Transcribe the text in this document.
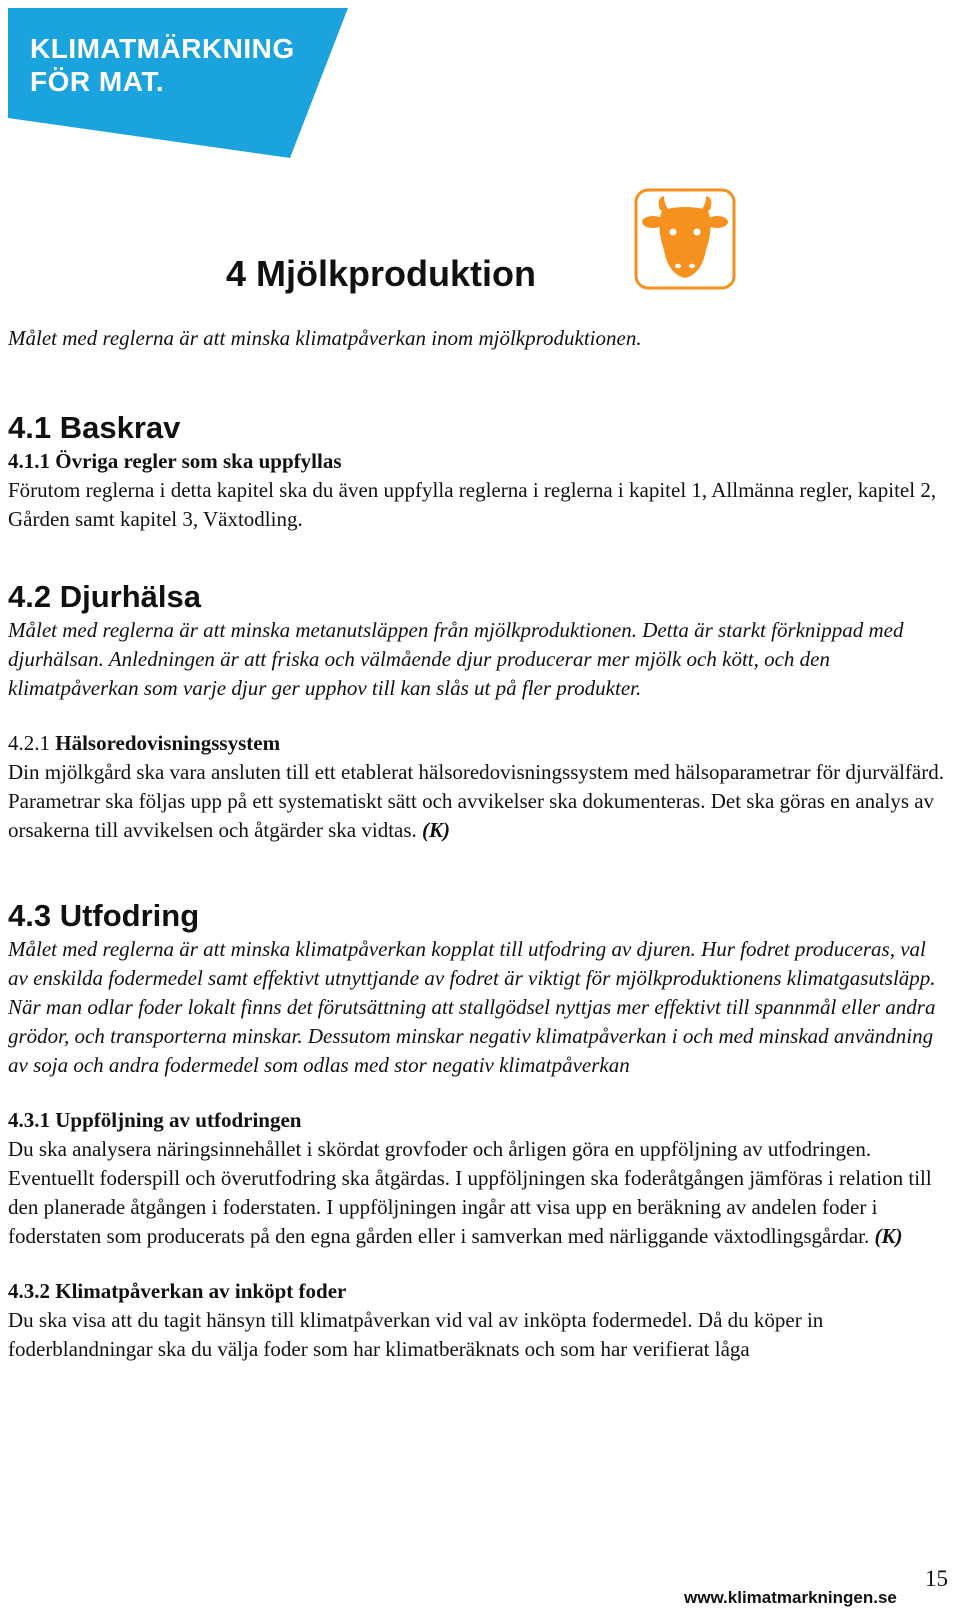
KLIMATMÄRKNING
FÖR MAT.
4 Mjölkproduktion

Målet med reglerna är att minska klimatpåverkan inom mjölkproduktionen.

4.1 Baskrav
4.1.1 Övriga regler som ska uppfyllas

Förutom reglerna i detta kapitel ska du även uppfylla reglerna i reglerna i kapitel 1, Allmänna regler, kapitel 2, Gården samt kapitel 3, Växtodling.

4.2 Djurhälsa

Målet med reglerna är att minska metanutsläppen från mjölkproduktionen. Detta är starkt förknippad med djurhälsan. Anledningen är att friska och välmående djur producerar mer mjölk och kött, och den klimatpåverkan som varje djur ger upphov till kan slås ut på fler produkter.

4.2.1 Hälsoredovisningssystem

Din mjölkgård ska vara ansluten till ett etablerat hälsoredovisningssystem med hälsoparametrar för djurvälfärd. Parametrar ska följas upp på ett systematiskt sätt och avvikelser ska dokumenteras. Det ska göras en analys av orsakerna till avvikelsen och åtgärder ska vidtas. (K)

4.3 Utfodring

Målet med reglerna är att minska klimatpåverkan kopplat till utfodring av djuren. Hur fodret produceras, val av enskilda fodermedel samt effektivt utnyttjande av fodret är viktigt för mjölkproduktionens klimatgasutsläpp. När man odlar foder lokalt finns det förutsättning att stallgödsel nyttjas mer effektivt till spannmål eller andra grödor, och transporterna minskar. Dessutom minskar negativ klimatpåverkan i och med minskad användning av soja och andra fodermedel som odlas med stor negativ klimatpåverkan

4.3.1 Uppföljning av utfodringen

Du ska analysera näringsinnehållet i skördat grovfoder och årligen göra en uppföljning av utfodringen. Eventuellt foderspill och överutfodring ska åtgärdas. I uppföljningen ska foderåtgången jämföras i relation till den planerade åtgången i foderstaten. I uppföljningen ingår att visa upp en beräkning av andelen foder i foderstaten som producerats på den egna gården eller i samverkan med närliggande växtodlingsgårdar. (K)

4.3.2 Klimatpåverkan av inköpt foder

Du ska visa att du tagit hänsyn till klimatpåverkan vid val av inköpta fodermedel. Då du köper in foderblandningar ska du välja foder som har klimatberäknats och som har verifierat låga

15
www.klimatmarkningen.se
